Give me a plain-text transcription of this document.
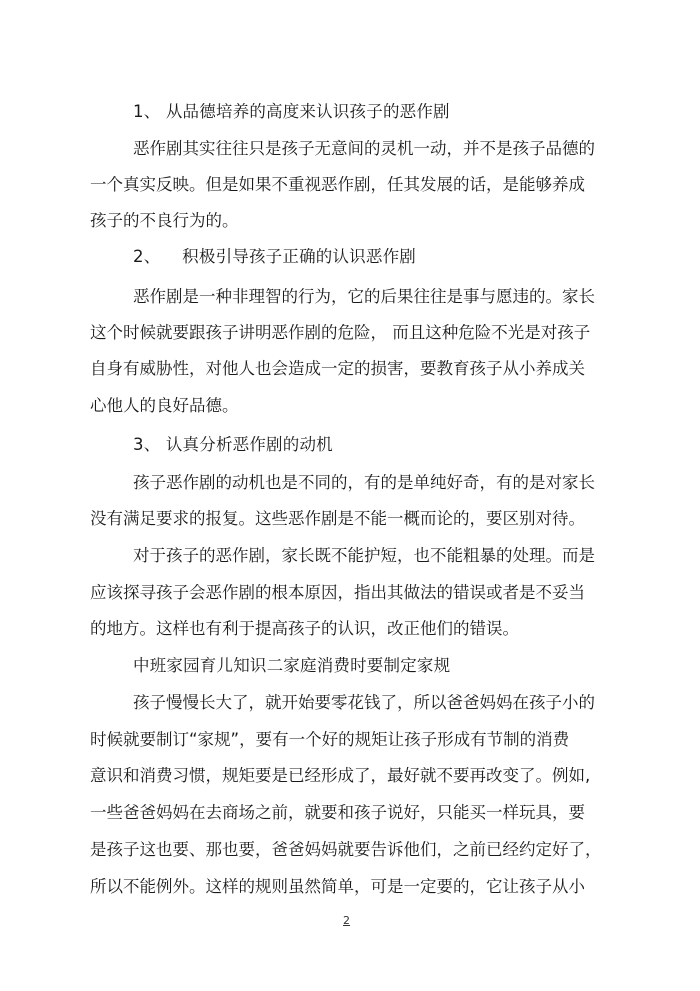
1、 从品德培养的高度来认识孩子的恶作剧
恶作剧其实往往只是孩子无意间的灵机一动，并不是孩子品德的
一个真实反映。但是如果不重视恶作剧，任其发展的话，是能够养成
孩子的不良行为的。
2、    积极引导孩子正确的认识恶作剧
恶作剧是一种非理智的行为，它的后果往往是事与愿违的。家长
这个时候就要跟孩子讲明恶作剧的危险， 而且这种危险不光是对孩子
自身有威胁性，对他人也会造成一定的损害，要教育孩子从小养成关
心他人的良好品德。
3、 认真分析恶作剧的动机
孩子恶作剧的动机也是不同的，有的是单纯好奇，有的是对家长
没有满足要求的报复。这些恶作剧是不能一概而论的，要区别对待。
对于孩子的恶作剧，家长既不能护短，也不能粗暴的处理。而是
应该探寻孩子会恶作剧的根本原因，指出其做法的错误或者是不妥当
的地方。这样也有利于提高孩子的认识，改正他们的错误。
中班家园育儿知识二家庭消费时要制定家规
孩子慢慢长大了，就开始要零花钱了，所以爸爸妈妈在孩子小的
时候就要制订“家规”，要有一个好的规矩让孩子形成有节制的消费
意识和消费习惯，规矩要是已经形成了，最好就不要再改变了。例如,
一些爸爸妈妈在去商场之前，就要和孩子说好，只能买一样玩具，要
是孩子这也要、那也要，爸爸妈妈就要告诉他们，之前已经约定好了，
所以不能例外。这样的规则虽然简单，可是一定要的，它让孩子从小
2
